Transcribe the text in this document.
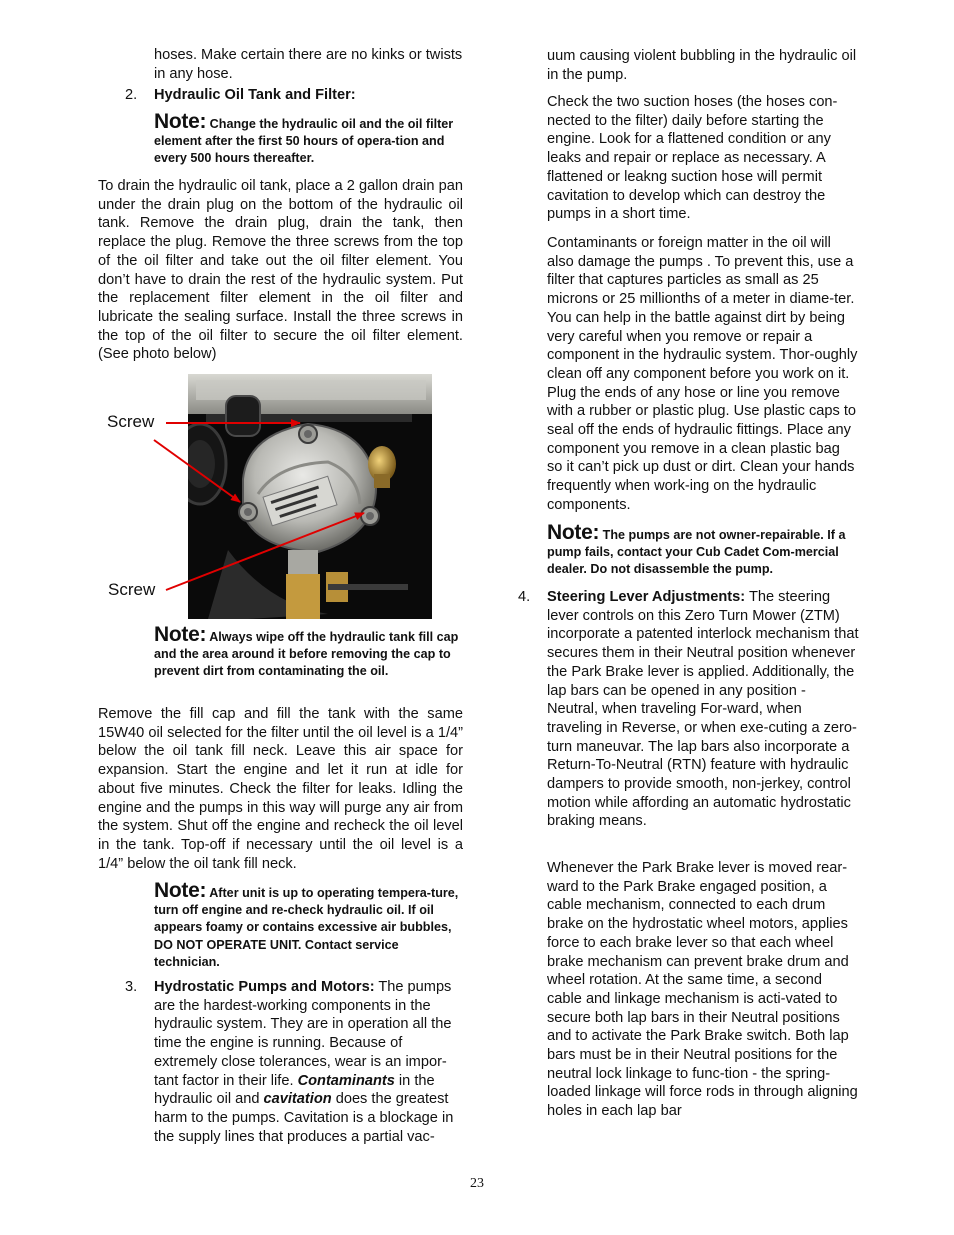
hoses. Make certain there are no kinks or twists in any hose.

2. Hydraulic Oil Tank and Filter:

Note: Change the hydraulic oil and the oil filter element after the first 50 hours of opera-tion and every 500 hours thereafter.

To drain the hydraulic oil tank, place a 2 gallon drain pan under the drain plug on the bottom of the hydraulic oil tank. Remove the drain plug, drain the tank, then replace the plug. Remove the three screws from the top of the oil filter and take out the oil filter element. You don’t have to drain the rest of the hydraulic system. Put the replacement filter element in the oil filter and lubricate the sealing surface. Install the three screws in the top of the oil filter to secure the oil filter element. (See photo below)

Screw
Screw

Note: Always wipe off the hydraulic tank fill cap and the area around it before removing the cap to prevent dirt from contaminating the oil.

Remove the fill cap and fill the tank with the same 15W40 oil selected for the filter until the oil level is a 1/4” below the oil tank fill neck. Leave this air space for expansion. Start the engine and let it run at idle for about five minutes. Check the filter for leaks. Idling the engine and the pumps in this way will purge any air from the system. Shut off the engine and recheck the oil level in the tank. Top-off if necessary until the oil level is a 1/4” below the oil tank fill neck.

Note: After unit is up to operating tempera-ture, turn off engine and re-check hydraulic oil. If oil appears foamy or contains excessive air bubbles, DO NOT OPERATE UNIT. Contact service technician.

3. Hydrostatic Pumps and Motors: The pumps are the hardest-working components in the hydraulic system. They are in operation all the time the engine is running. Because of extremely close tolerances, wear is an impor-tant factor in their life. Contaminants in the hydraulic oil and cavitation does the greatest harm to the pumps. Cavitation is a blockage in the supply lines that produces a partial vac-

uum causing violent bubbling in the hydraulic oil in the pump.

Check the two suction hoses (the hoses con-nected to the filter) daily before starting the engine. Look for a flattened condition or any leaks and repair or replace as necessary. A flattened or leakng suction hose will permit cavitation to develop which can destroy the pumps in a short time.

Contaminants or foreign matter in the oil will also damage the pumps . To prevent this, use a filter that captures particles as small as 25 microns or 25 millionths of a meter in diame-ter. You can help in the battle against dirt by being very careful when you remove or repair a component in the hydraulic system. Thor-oughly clean off any component before you work on it. Plug the ends of any hose or line you remove with a rubber or plastic plug. Use plastic caps to seal off the ends of hydraulic fittings. Place any component you remove in a clean plastic bag so it can’t pick up dust or dirt. Clean your hands frequently when work-ing on the hydraulic components.

Note: The pumps are not owner-repairable. If a pump fails, contact your Cub Cadet Com-mercial dealer. Do not disassemble the pump.

4. Steering Lever Adjustments: The steering lever controls on this Zero Turn Mower (ZTM) incorporate a patented interlock mechanism that secures them in their Neutral position whenever the Park Brake lever is applied. Additionally, the lap bars can be opened in any position - Neutral, when traveling For-ward, when traveling in Reverse, or when exe-cuting a zero-turn maneuvar. The lap bars also incorporate a Return-To-Neutral (RTN) feature with hydraulic dampers to provide smooth, non-jerkey, control motion while affording an automatic hydrostatic braking means.

Whenever the Park Brake lever is moved rear-ward to the Park Brake engaged position, a cable mechanism, connected to each drum brake on the hydrostatic wheel motors, applies force to each brake lever so that each wheel brake mechanism can prevent brake drum and wheel rotation. At the same time, a second cable and linkage mechanism is acti-vated to secure both lap bars in their Neutral positions and to activate the Park Brake switch. Both lap bars must be in their Neutral positions for the neutral lock linkage to func-tion - the spring-loaded linkage will force rods in through aligning holes in each lap bar

23
